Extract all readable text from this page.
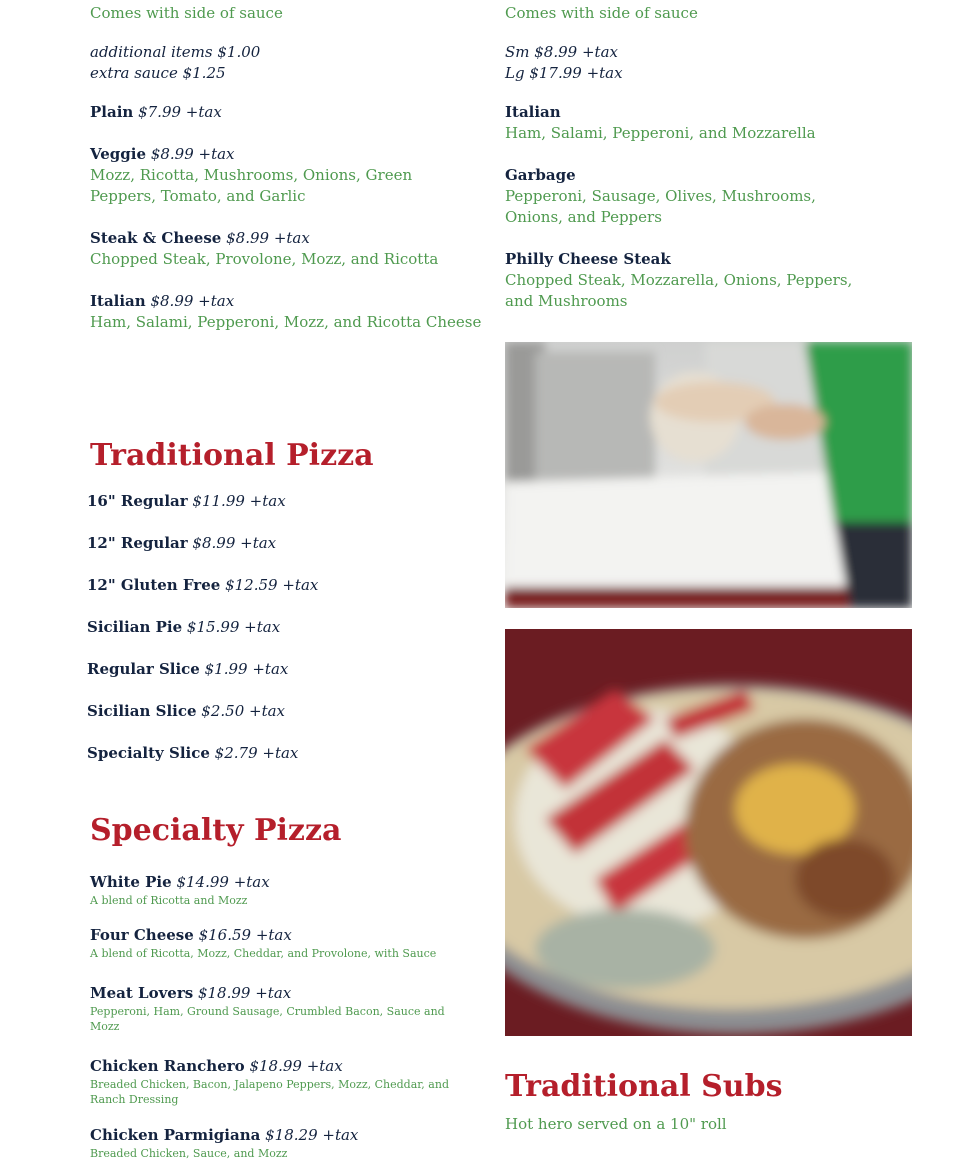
Comes with side of sauce
additional items $1.00
extra sauce $1.25
Plain $7.99 +tax
Veggie $8.99 +tax
Mozz, Ricotta, Mushrooms, Onions, Green Peppers, Tomato, and Garlic
Steak & Cheese $8.99 +tax
Chopped Steak, Provolone, Mozz, and Ricotta
Italian $8.99 +tax
Ham, Salami, Pepperoni, Mozz, and Ricotta Cheese
Comes with side of sauce
Sm $8.99 +tax
Lg $17.99 +tax
Italian
Ham, Salami, Pepperoni, and Mozzarella
Garbage
Pepperoni, Sausage, Olives, Mushrooms, Onions, and Peppers
Philly Cheese Steak
Chopped Steak, Mozzarella, Onions, Peppers, and Mushrooms
Traditional Pizza
16" Regular $11.99 +tax
12" Regular $8.99 +tax
12" Gluten Free $12.59 +tax
Sicilian Pie $15.99 +tax
Regular Slice $1.99 +tax
Sicilian Slice $2.50 +tax
Specialty Slice $2.79 +tax
Specialty Pizza
White Pie $14.99 +tax
A blend of Ricotta and Mozz
Four Cheese $16.59 +tax
A blend of Ricotta, Mozz, Cheddar, and Provolone, with Sauce
Meat Lovers $18.99 +tax
Pepperoni, Ham, Ground Sausage, Crumbled Bacon, Sauce and Mozz
Chicken Ranchero $18.99 +tax
Breaded Chicken, Bacon, Jalapeno Peppers, Mozz, Cheddar, and Ranch Dressing
Chicken Parmigiana $18.29 +tax
Breaded Chicken, Sauce, and Mozz
Traditional Subs
Hot hero served on a 10" roll
